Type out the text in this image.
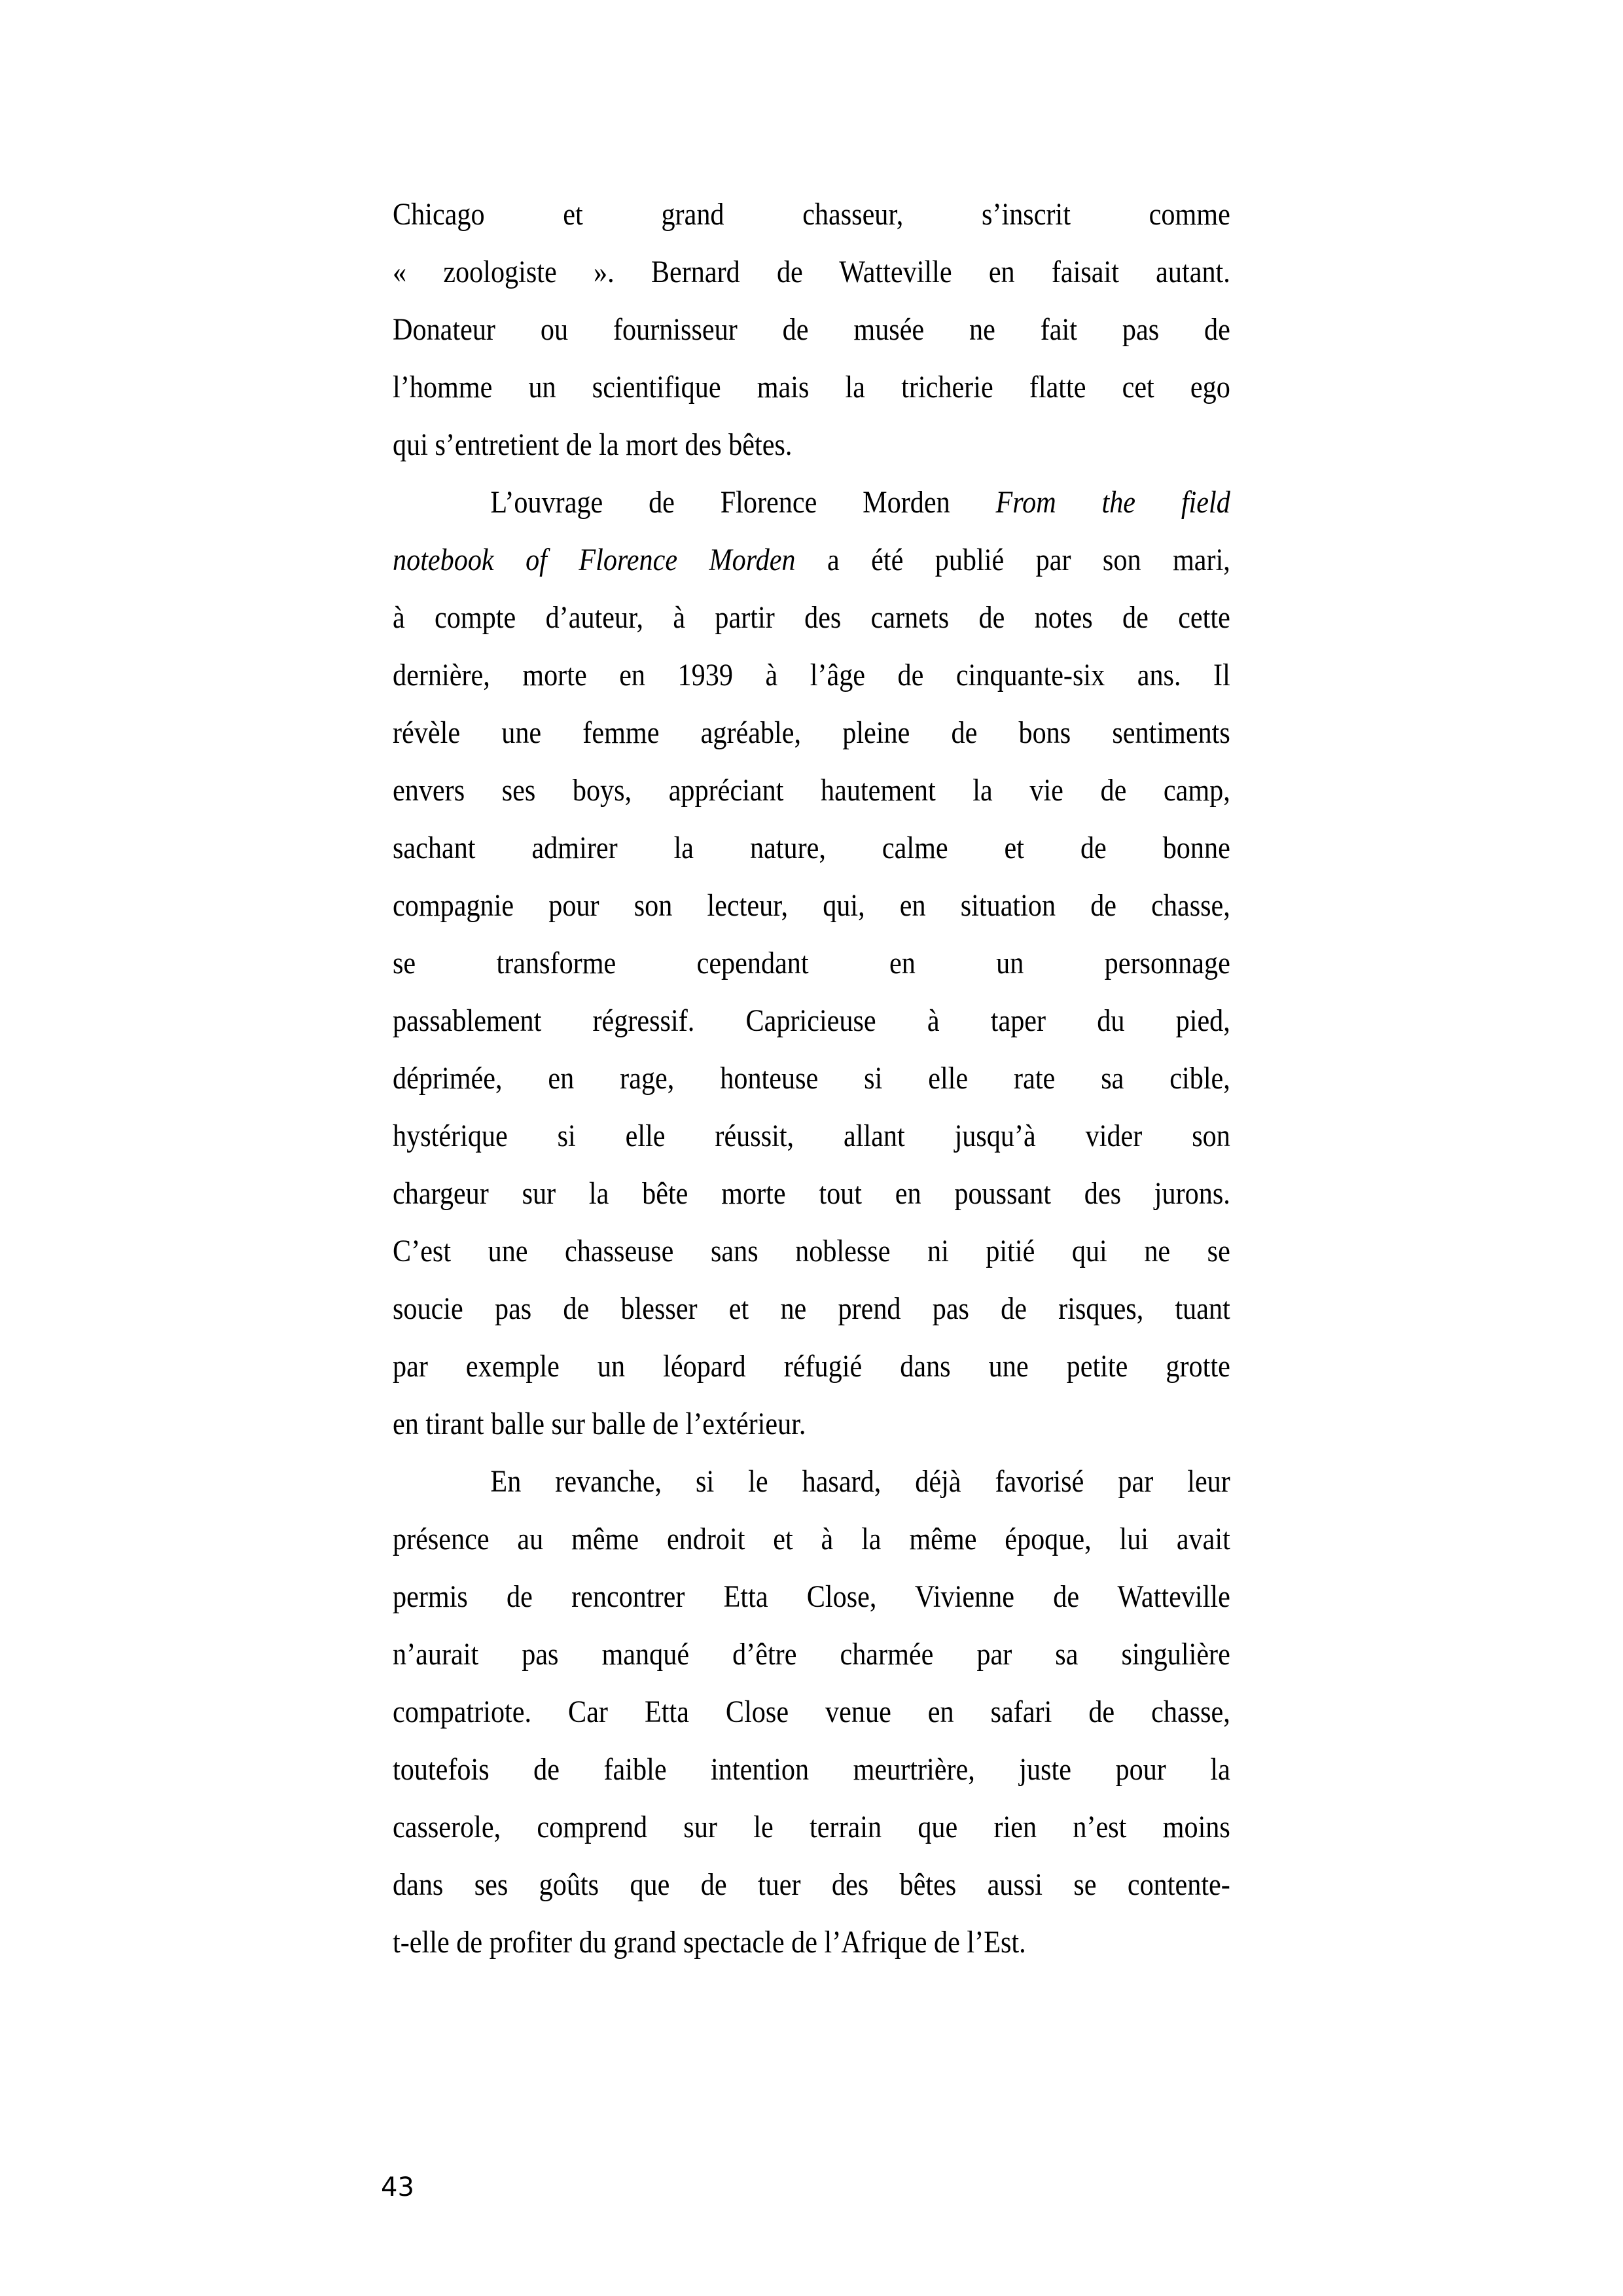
Chicago et grand chasseur, s’inscrit comme
« zoologiste ». Bernard de Watteville en faisait autant.
Donateur ou fournisseur de musée ne fait pas de
l’homme un scientifique mais la tricherie flatte cet ego
qui s’entretient de la mort des bêtes.
L’ouvrage de Florence Morden From the field
notebook of Florence Morden a été publié par son mari,
à compte d’auteur, à partir des carnets de notes de cette
dernière, morte en 1939 à l’âge de cinquante-six ans. Il
révèle une femme agréable, pleine de bons sentiments
envers ses boys, appréciant hautement la vie de camp,
sachant admirer la nature, calme et de bonne
compagnie pour son lecteur, qui, en situation de chasse,
se transforme cependant en un personnage
passablement régressif. Capricieuse à taper du pied,
déprimée, en rage, honteuse si elle rate sa cible,
hystérique si elle réussit, allant jusqu’à vider son
chargeur sur la bête morte tout en poussant des jurons.
C’est une chasseuse sans noblesse ni pitié qui ne se
soucie pas de blesser et ne prend pas de risques, tuant
par exemple un léopard réfugié dans une petite grotte
en tirant balle sur balle de l’extérieur.
En revanche, si le hasard, déjà favorisé par leur
présence au même endroit et à la même époque, lui avait
permis de rencontrer Etta Close, Vivienne de Watteville
n’aurait pas manqué d’être charmée par sa singulière
compatriote. Car Etta Close venue en safari de chasse,
toutefois de faible intention meurtrière, juste pour la
casserole, comprend sur le terrain que rien n’est moins
dans ses goûts que de tuer des bêtes aussi se contente-
t-elle de profiter du grand spectacle de l’Afrique de l’Est.
43
